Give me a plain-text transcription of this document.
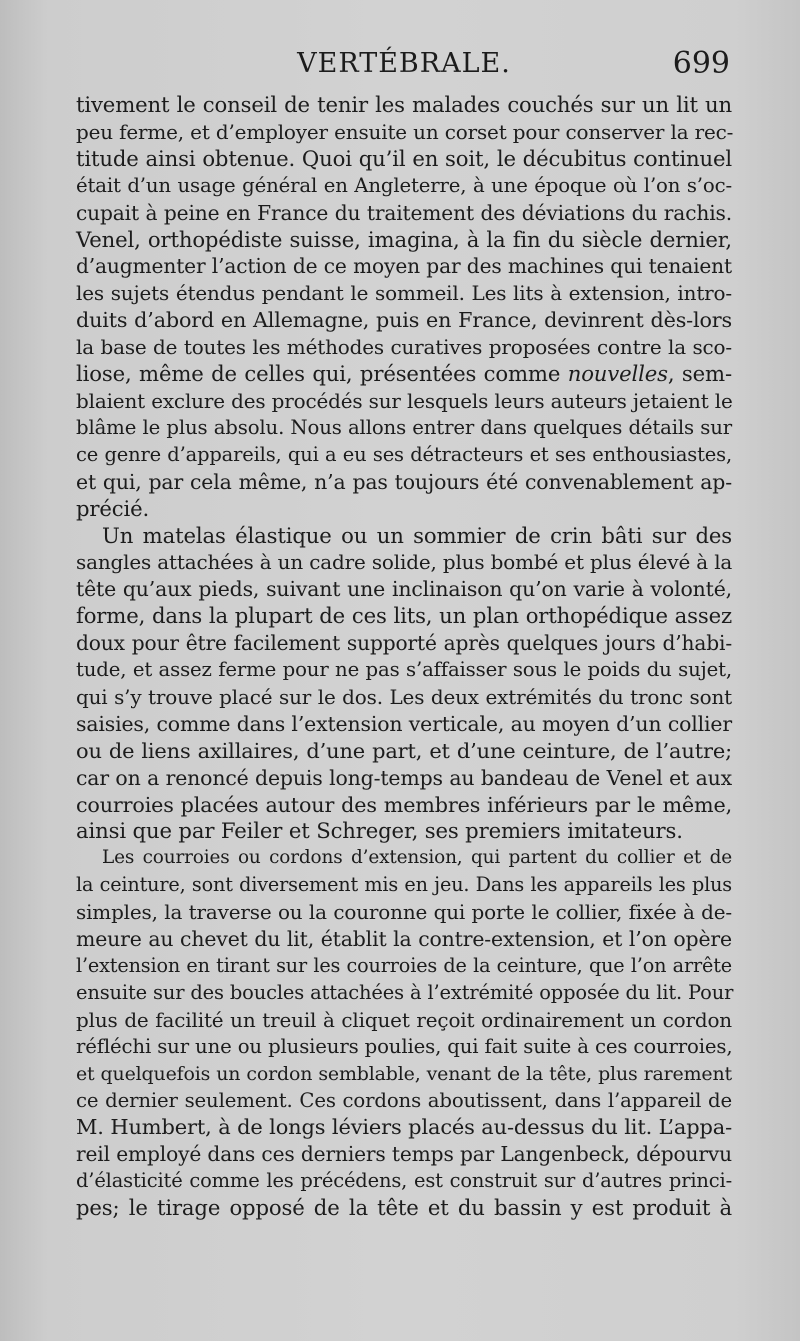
VERTÉBRALE.	699

tivement le conseil de tenir les malades couchés sur un lit un
peu ferme, et d’employer ensuite un corset pour conserver la rec-
titude ainsi obtenue. Quoi qu’il en soit, le décubitus continuel
était d’un usage général en Angleterre, à une époque où l’on s’oc-
cupait à peine en France du traitement des déviations du rachis.
Venel, orthopédiste suisse, imagina, à la fin du siècle dernier,
d’augmenter l’action de ce moyen par des machines qui tenaient
les sujets étendus pendant le sommeil. Les lits à extension, intro-
duits d’abord en Allemagne, puis en France, devinrent dès-lors
la base de toutes les méthodes curatives proposées contre la sco-
liose, même de celles qui, présentées comme nouvelles, sem-
blaient exclure des procédés sur lesquels leurs auteurs jetaient le
blâme le plus absolu. Nous allons entrer dans quelques détails sur
ce genre d’appareils, qui a eu ses détracteurs et ses enthousiastes,
et qui, par cela même, n’a pas toujours été convenablement ap-
précié.

Un matelas élastique ou un sommier de crin bâti sur des
sangles attachées à un cadre solide, plus bombé et plus élevé à la
tête qu’aux pieds, suivant une inclinaison qu’on varie à volonté,
forme, dans la plupart de ces lits, un plan orthopédique assez
doux pour être facilement supporté après quelques jours d’habi-
tude, et assez ferme pour ne pas s’affaisser sous le poids du sujet,
qui s’y trouve placé sur le dos. Les deux extrémités du tronc sont
saisies, comme dans l’extension verticale, au moyen d’un collier
ou de liens axillaires, d’une part, et d’une ceinture, de l’autre;
car on a renoncé depuis long-temps au bandeau de Venel et aux
courroies placées autour des membres inférieurs par le même,
ainsi que par Feiler et Schreger, ses premiers imitateurs.

Les courroies ou cordons d’extension, qui partent du collier et de
la ceinture, sont diversement mis en jeu. Dans les appareils les plus
simples, la traverse ou la couronne qui porte le collier, fixée à de-
meure au chevet du lit, établit la contre-extension, et l’on opère
l’extension en tirant sur les courroies de la ceinture, que l’on arrête
ensuite sur des boucles attachées à l’extrémité opposée du lit. Pour
plus de facilité un treuil à cliquet reçoit ordinairement un cordon
réfléchi sur une ou plusieurs poulies, qui fait suite à ces courroies,
et quelquefois un cordon semblable, venant de la tête, plus rarement
ce dernier seulement. Ces cordons aboutissent, dans l’appareil de
M. Humbert, à de longs léviers placés au-dessus du lit. L’appa-
reil employé dans ces derniers temps par Langenbeck, dépourvu
d’élasticité comme les précédens, est construit sur d’autres princi-
pes; le tirage opposé de la tête et du bassin y est produit à
